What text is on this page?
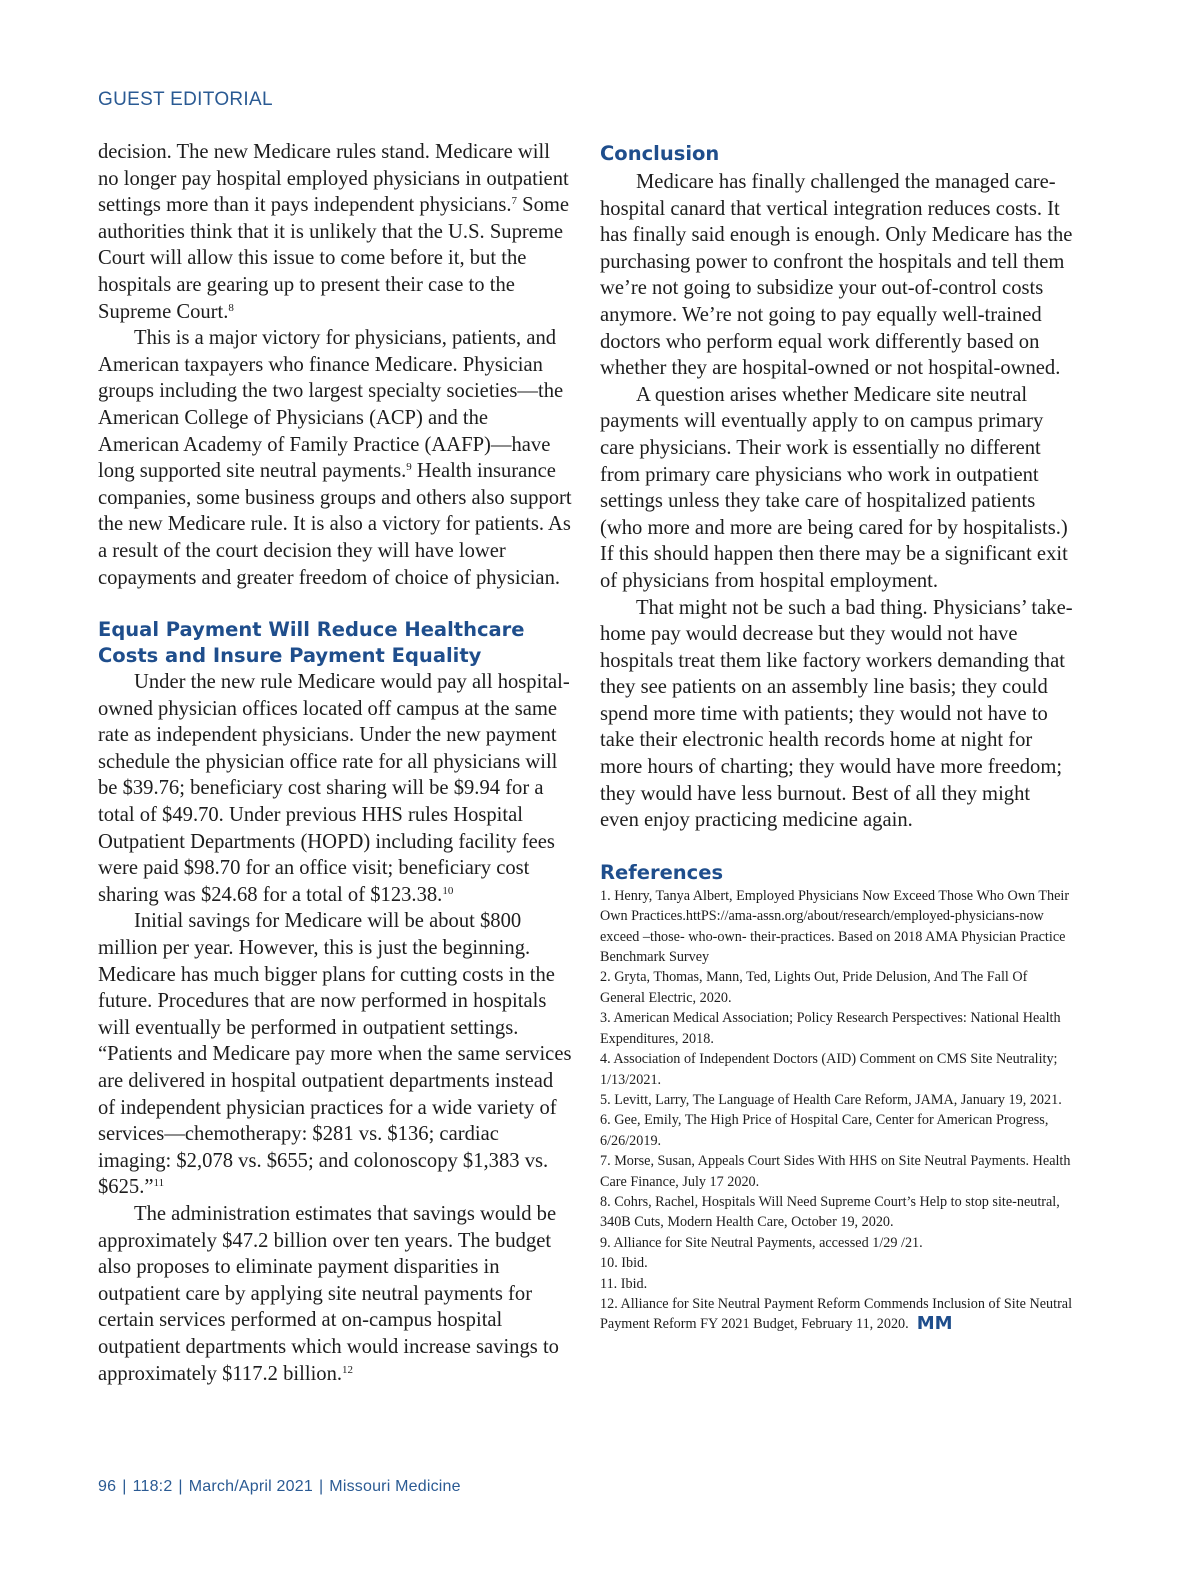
GUEST EDITORIAL

decision. The new Medicare rules stand. Medicare will no longer pay hospital employed physicians in outpatient settings more than it pays independent physicians.$^7$ Some authorities think that it is unlikely that the U.S. Supreme Court will allow this issue to come before it, but the hospitals are gearing up to present their case to the Supreme Court.$^8$

This is a major victory for physicians, patients, and American taxpayers who finance Medicare. Physician groups including the two largest specialty societies—the American College of Physicians (ACP) and the American Academy of Family Practice (AAFP)—have long supported site neutral payments.$^9$ Health insurance companies, some business groups and others also support the new Medicare rule. It is also a victory for patients. As a result of the court decision they will have lower copayments and greater freedom of choice of physician.

Equal Payment Will Reduce Healthcare Costs and Insure Payment Equality

Under the new rule Medicare would pay all hospital-owned physician offices located off campus at the same rate as independent physicians. Under the new payment schedule the physician office rate for all physicians will be $39.76; beneficiary cost sharing will be $9.94 for a total of $49.70. Under previous HHS rules Hospital Outpatient Departments (HOPD) including facility fees were paid $98.70 for an office visit; beneficiary cost sharing was $24.68 for a total of $123.38.10

Initial savings for Medicare will be about $800 million per year. However, this is just the beginning. Medicare has much bigger plans for cutting costs in the future. Procedures that are now performed in hospitals will eventually be performed in outpatient settings. “Patients and Medicare pay more when the same services are delivered in hospital outpatient departments instead of independent physician practices for a wide variety of services—chemotherapy: $281 vs. $136; cardiac imaging: $2,078 vs. $655; and colonoscopy $1,383 vs. $625.”$^{11}$

The administration estimates that savings would be approximately $47.2 billion over ten years. The budget also proposes to eliminate payment disparities in outpatient care by applying site neutral payments for certain services performed at on-campus hospital outpatient departments which would increase savings to approximately $117.2 billion.$^{12}$

Conclusion

Medicare has finally challenged the managed care-hospital canard that vertical integration reduces costs. It has finally said enough is enough. Only Medicare has the purchasing power to confront the hospitals and tell them we’re not going to subsidize your out-of-control costs anymore. We’re not going to pay equally well-trained doctors who perform equal work differently based on whether they are hospital-owned or not hospital-owned.

A question arises whether Medicare site neutral payments will eventually apply to on campus primary care physicians. Their work is essentially no different from primary care physicians who work in outpatient settings unless they take care of hospitalized patients (who more and more are being cared for by hospitalists.) If this should happen then there may be a significant exit of physicians from hospital employment.

That might not be such a bad thing. Physicians’ take-home pay would decrease but they would not have hospitals treat them like factory workers demanding that they see patients on an assembly line basis; they could spend more time with patients; they would not have to take their electronic health records home at night for more hours of charting; they would have more freedom; they would have less burnout. Best of all they might even enjoy practicing medicine again.

References
1. Henry, Tanya Albert, Employed Physicians Now Exceed Those Who Own Their Own Practices.httPS://ama-assn.org/about/research/employed-physicians-now exceed –those- who-own- their-practices. Based on 2018 AMA Physician Practice Benchmark Survey
2. Gryta, Thomas, Mann, Ted, Lights Out, Pride Delusion, And The Fall Of General Electric, 2020.
3. American Medical Association; Policy Research Perspectives: National Health Expenditures, 2018.
4. Association of Independent Doctors (AID) Comment on CMS Site Neutrality; 1/13/2021.
5. Levitt, Larry, The Language of Health Care Reform, JAMA, January 19, 2021.
6. Gee, Emily, The High Price of Hospital Care, Center for American Progress, 6/26/2019.
7. Morse, Susan, Appeals Court Sides With HHS on Site Neutral Payments. Health Care Finance, July 17 2020.
8. Cohrs, Rachel, Hospitals Will Need Supreme Court’s Help to stop site-neutral, 340B Cuts, Modern Health Care, October 19, 2020.
9. Alliance for Site Neutral Payments, accessed 1/29 /21.
10. Ibid.
11. Ibid.
12. Alliance for Site Neutral Payment Reform Commends Inclusion of Site Neutral Payment Reform FY 2021 Budget, February 11, 2020. MM
96 | 118:2 | March/April 2021 | Missouri Medicine
